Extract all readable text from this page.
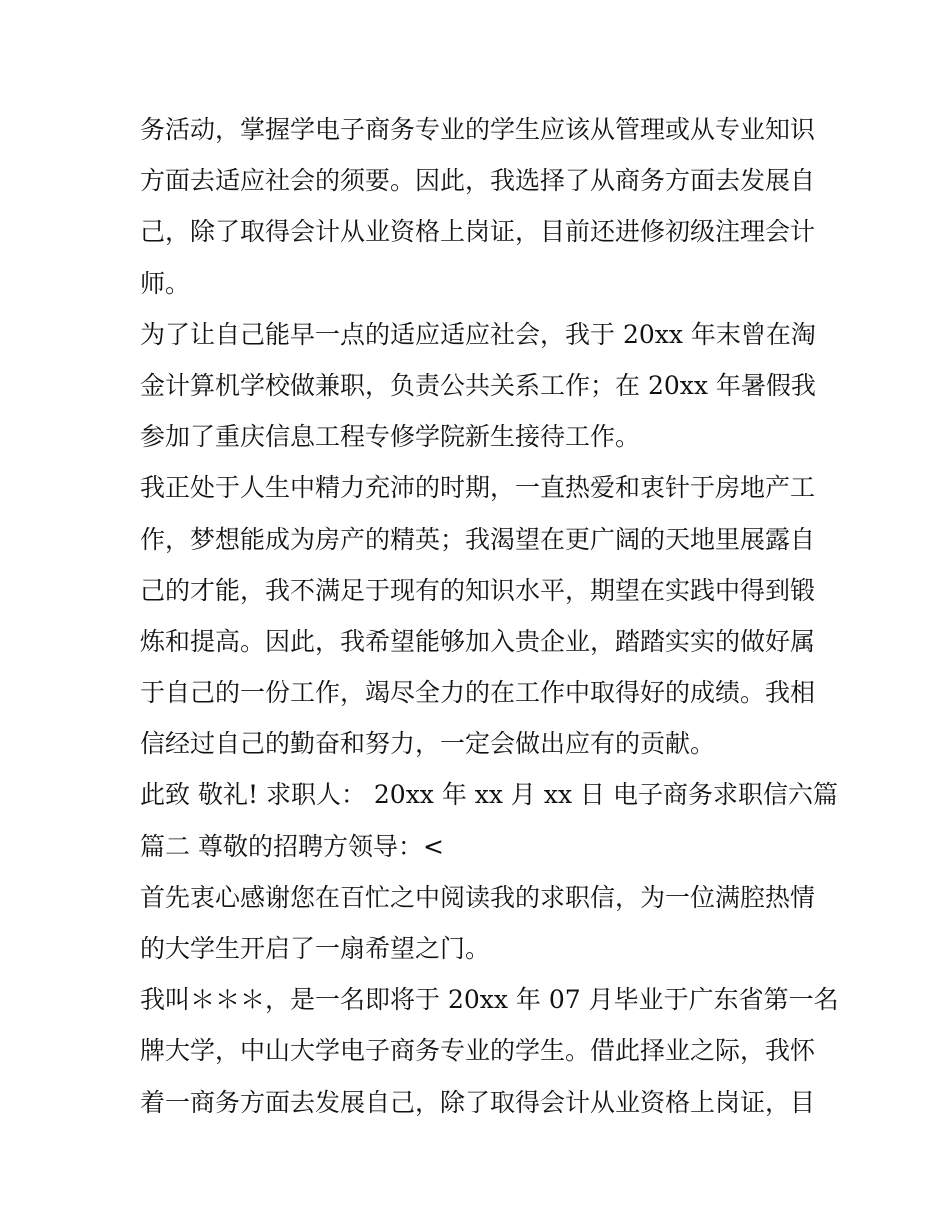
务活动，掌握学电子商务专业的学生应该从管理或从专业知识
方面去适应社会的须要。因此，我选择了从商务方面去发展自
己，除了取得会计从业资格上岗证，目前还进修初级注理会计
师。
为了让自己能早一点的适应适应社会，我于 20xx 年末曾在淘
金计算机学校做兼职，负责公共关系工作；在 20xx 年暑假我
参加了重庆信息工程专修学院新生接待工作。
我正处于人生中精力充沛的时期，一直热爱和衷针于房地产工
作，梦想能成为房产的精英；我渴望在更广阔的天地里展露自
己的才能，我不满足于现有的知识水平，期望在实践中得到锻
炼和提高。因此，我希望能够加入贵企业，踏踏实实的做好属
于自己的一份工作，竭尽全力的在工作中取得好的成绩。我相
信经过自己的勤奋和努力，一定会做出应有的贡献。
此致 敬礼! 求职人： 20xx 年 xx 月 xx 日 电子商务求职信六篇
篇二 尊敬的招聘方领导：<
首先衷心感谢您在百忙之中阅读我的求职信，为一位满腔热情
的大学生开启了一扇希望之门。
我叫＊＊＊，是一名即将于 20xx 年 07 月毕业于广东省第一名
牌大学，中山大学电子商务专业的学生。借此择业之际，我怀
着一商务方面去发展自己，除了取得会计从业资格上岗证，目
